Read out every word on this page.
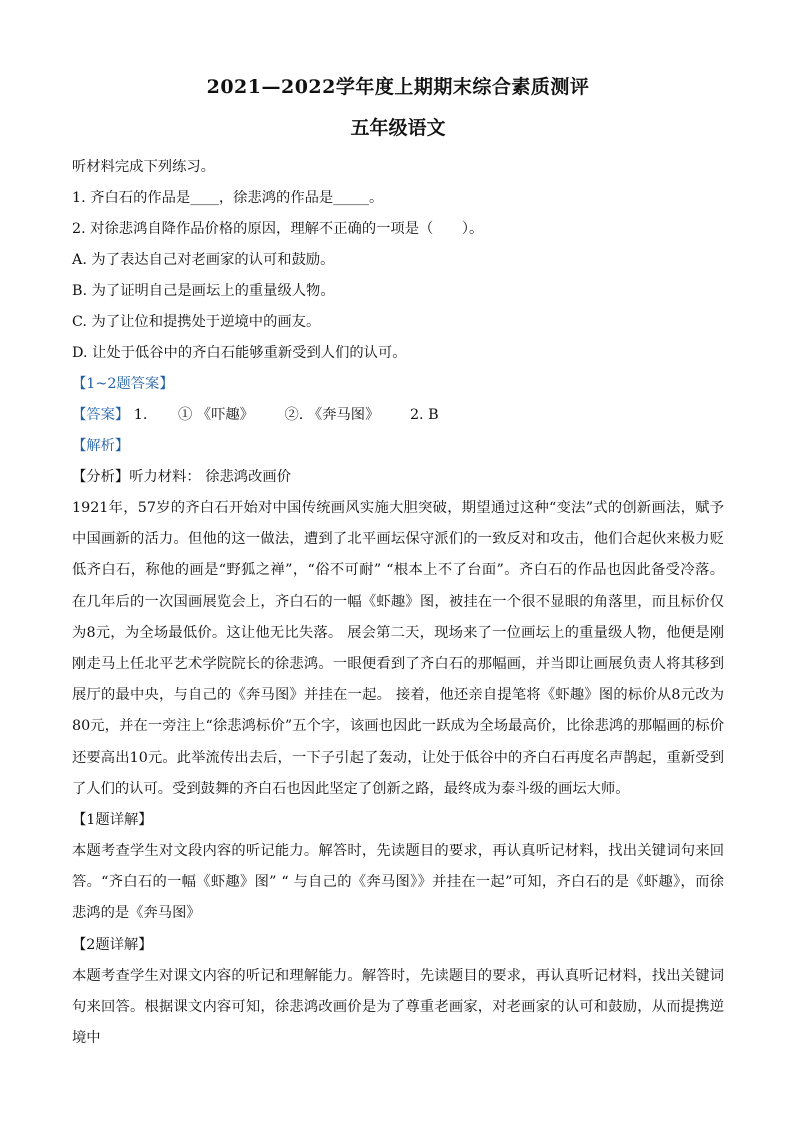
2021—2022学年度上期期末综合素质测评
五年级语文

听材料完成下列练习。

1. 齐白石的作品是____，徐悲鸿的作品是_____。

2. 对徐悲鸿自降作品价格的原因，理解不正确的一项是（　　）。

A. 为了表达自己对老画家的认可和鼓励。

B. 为了证明自己是画坛上的重量级人物。

C. 为了让位和提携处于逆境中的画友。

D. 让处于低谷中的齐白石能够重新受到人们的认可。

【1~2题答案】

【答案】 1. ① 《吓趣》 ②. 《奔马图》 2. B

【解析】

【分析】听力材料： 徐悲鸿改画价

1921年，57岁的齐白石开始对中国传统画风实施大胆突破，期望通过这种“变法”式的创新画法，赋予中国画新的活力。但他的这一做法，遭到了北平画坛保守派们的一致反对和攻击，他们合起伙来极力贬低齐白石，称他的画是“野狐之禅”，“俗不可耐” “根本上不了台面”。齐白石的作品也因此备受冷落。 在几年后的一次国画展览会上，齐白石的一幅《虾趣》图，被挂在一个很不显眼的角落里，而且标价仅为8元，为全场最低价。这让他无比失落。 展会第二天，现场来了一位画坛上的重量级人物，他便是刚刚走马上任北平艺术学院院长的徐悲鸿。一眼便看到了齐白石的那幅画，并当即让画展负责人将其移到展厅的最中央，与自己的《奔马图》并挂在一起。 接着，他还亲自提笔将《虾趣》图的标价从8元改为80元，并在一旁注上“徐悲鸿标价”五个字，该画也因此一跃成为全场最高价，比徐悲鸿的那幅画的标价还要高出10元。此举流传出去后，一下子引起了轰动，让处于低谷中的齐白石再度名声鹊起，重新受到了人们的认可。受到鼓舞的齐白石也因此坚定了创新之路，最终成为泰斗级的画坛大师。

【1题详解】

本题考查学生对文段内容的听记能力。解答时，先读题目的要求，再认真听记材料，找出关键词句来回答。“齐白石的一幅《虾趣》图” “ 与自己的《奔马图》》并挂在一起”可知，齐白石的是《虾趣》，而徐悲鸿的是《奔马图》

【2题详解】

本题考查学生对课文内容的听记和理解能力。解答时，先读题目的要求，再认真听记材料，找出关键词句来回答。根据课文内容可知，徐悲鸿改画价是为了尊重老画家，对老画家的认可和鼓励，从而提携逆境中
